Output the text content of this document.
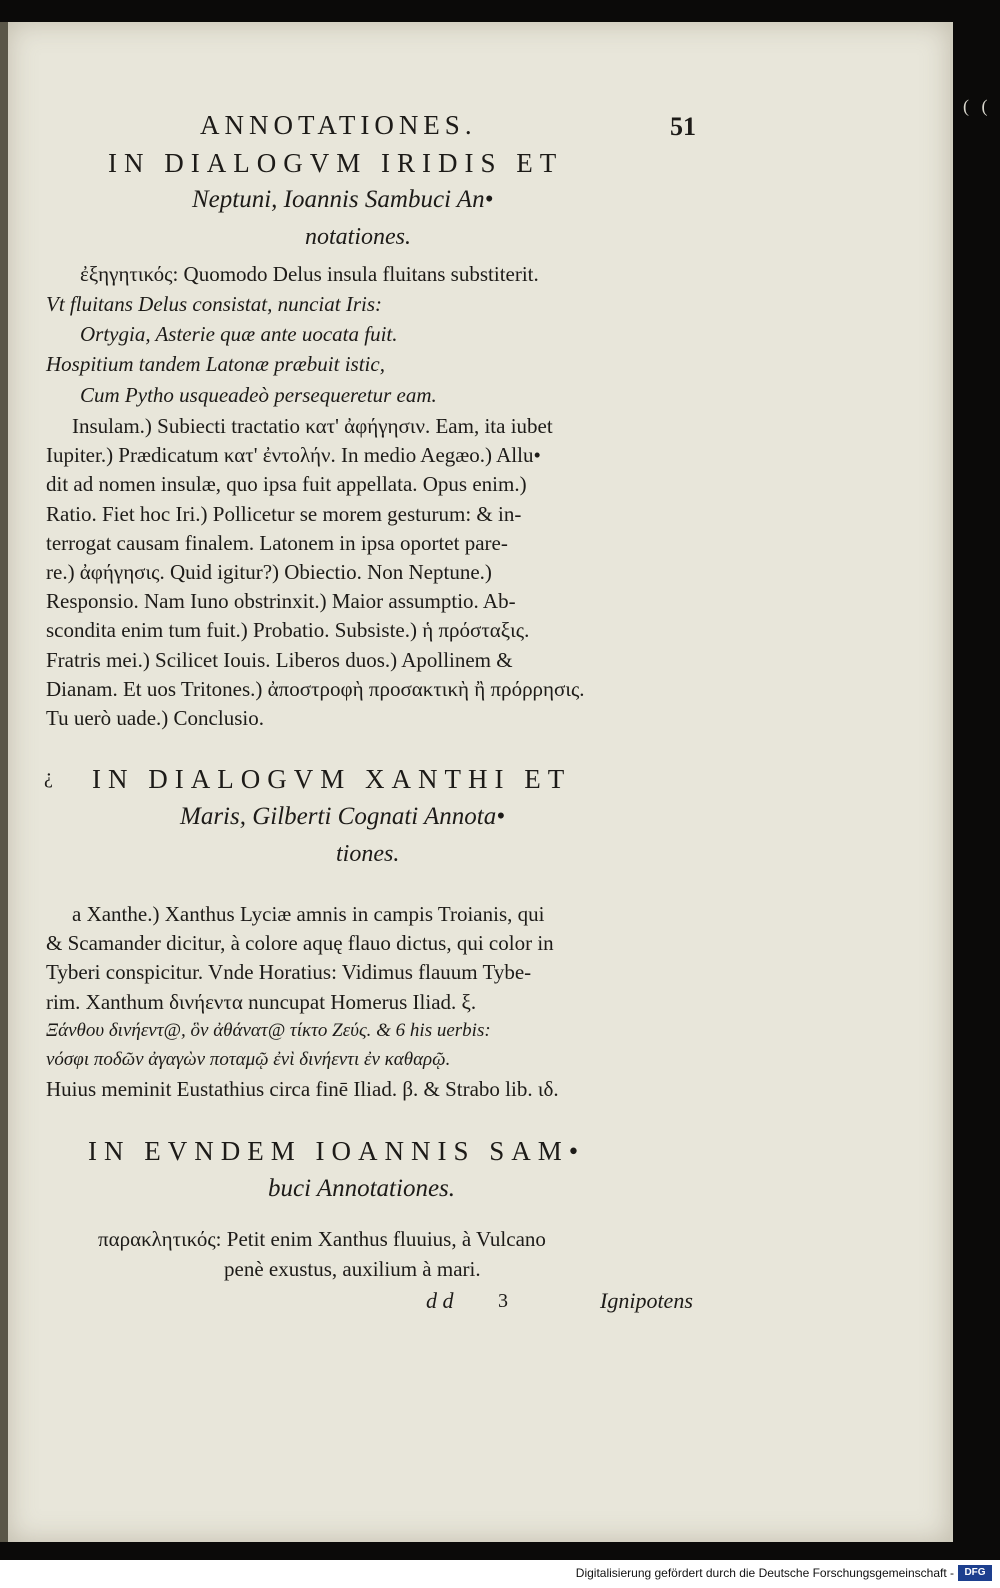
( (
ANNOTATIONES.	51
IN DIALOGVM IRIDIS ET
Neptuni, Ioannis Sambuci An•
notationes.
ἐξηγητικός: Quomodo Delus insula fluitans substiterit.
Vt fluitans Delus consistat, nunciat Iris:
Ortygia, Asterie quæ ante uocata fuit.
Hospitium tandem Latonæ præbuit istic,
Cum Pytho usqueadeò persequeretur eam.
Insulam.) Subiecti tractatio κατ' ἀφήγησιν. Eam, ita iubet
Iupiter.) Prædicatum κατ' ἐντολήν. In medio Aegæo.) Allu•
dit ad nomen insulæ, quo ipsa fuit appellata. Opus enim.)
Ratio. Fiet hoc Iri.) Pollicetur se morem gesturum: & in-
terrogat causam finalem. Latonem in ipsa oportet pare-
re.) ἀφήγησις. Quid igitur?) Obiectio. Non Neptune.)
Responsio. Nam Iuno obstrinxit.) Maior assumptio. Ab-
scondita enim tum fuit.) Probatio. Subsiste.) ἡ πρόσταξις.
Fratris mei.) Scilicet Iouis. Liberos duos.) Apollinem &
Dianam. Et uos Tritones.) ἀποστροφὴ προσακτικὴ ἢ πρόρρησις.
Tu uerò uade.) Conclusio.
¿ IN DIALOGVM XANTHI ET
Maris, Gilberti Cognati Annota•
tiones.
a Xanthe.) Xanthus Lyciæ amnis in campis Troianis, qui
& Scamander dicitur, à colore aquę flauo dictus, qui color in
Tyberi conspicitur. Vnde Horatius: Vidimus flauum Tybe-
rim. Xanthum δινήεντα nuncupat Homerus Iliad. ξ.
Ξάνθου δινήεντ@, ὃν ἀθάνατ@ τίκτο Ζεύς. & 6 his uerbis:
νόσφι ποδῶν ἀγαγὼν ποταμῷ ἐνὶ δινήεντι ἐν καθαρῷ.
Huius meminit Eustathius circa finē Iliad. β. & Strabo lib. ιδ.
IN EVNDEM IOANNIS SAM•
buci Annotationes.
παρακλητικός: Petit enim Xanthus fluuius, à Vulcano
penè exustus, auxilium à mari.
d d 3	Ignipotens
Digitalisierung gefördert durch die Deutsche Forschungsgemeinschaft -	DFG
